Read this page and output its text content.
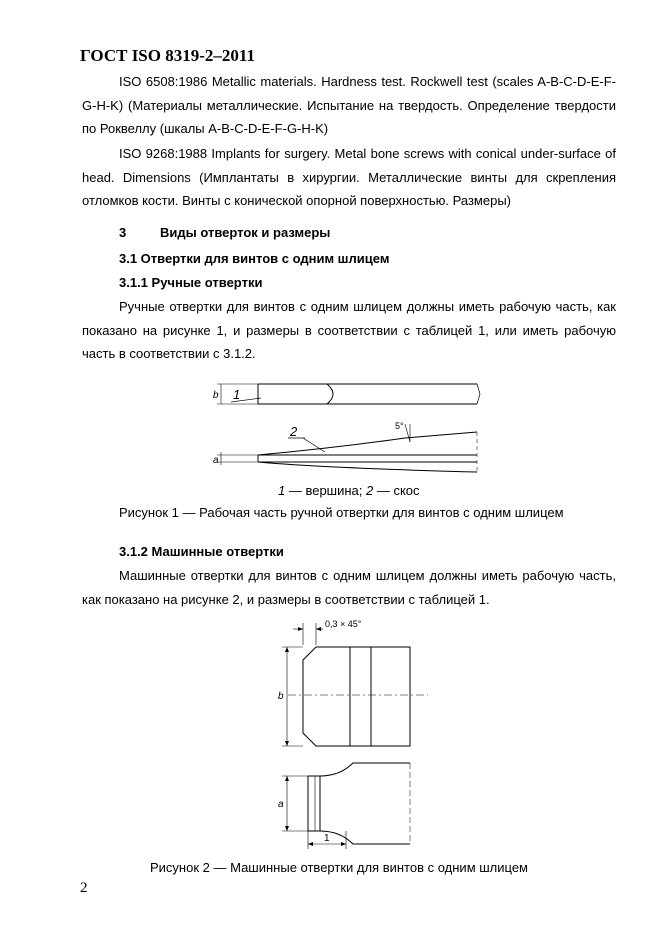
ГОСТ ISO 8319-2–2011
ISO 6508:1986 Metallic materials. Hardness test. Rockwell test (scales A-B-C-D-E-F-G-H-K) (Материалы металлические. Испытание на твердость. Определение твердости по Роквеллу (шкалы A-B-C-D-E-F-G-H-K)
ISO 9268:1988 Implants for surgery. Metal bone screws with conical under-surface of head. Dimensions (Имплантаты в хирургии. Металлические винты для скрепления отломков кости. Винты с конической опорной поверхностью. Размеры)
3	Виды отверток и размеры
3.1 Отвертки для винтов с одним шлицем
3.1.1 Ручные отвертки
Ручные отвертки для винтов с одним шлицем должны иметь рабочую часть, как показано на рисунке 1, и размеры в соответствии с таблицей 1, или иметь рабочую часть в соответствии с 3.1.2.
b 1
a
2	5°
1 — вершина; 2 — скос
Рисунок 1 — Рабочая часть ручной отвертки для винтов с одним шлицем
3.1.2 Машинные отвертки
Машинные отвертки для винтов с одним шлицем должны иметь рабочую часть, как показано на рисунке 2, и размеры в соответствии с таблицей 1.
0,3 × 45°
b
a
1
Рисунок 2 — Машинные отвертки для винтов с одним шлицем
2
